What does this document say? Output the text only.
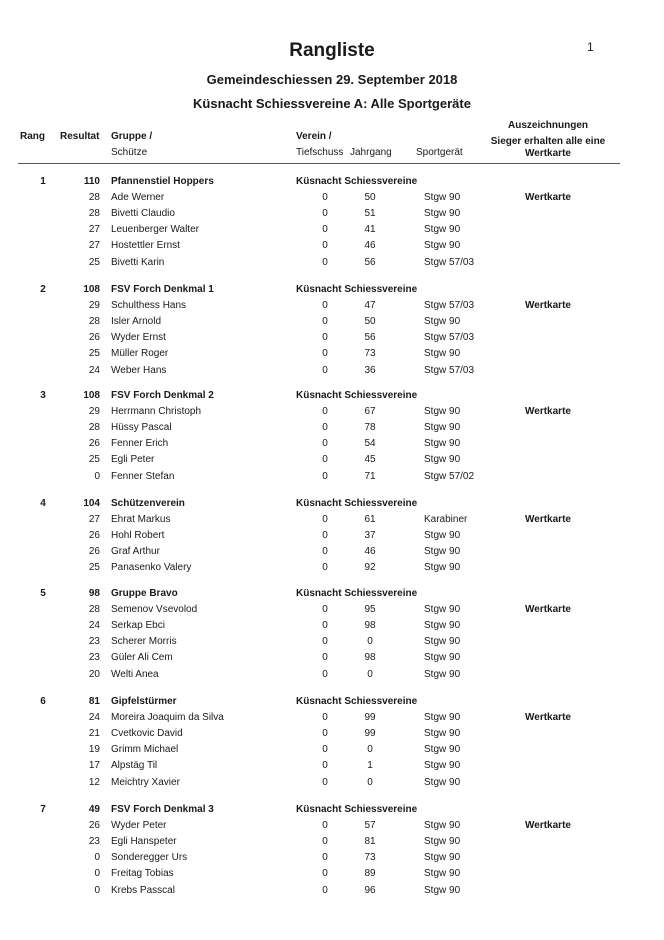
Rangliste	1
Gemeindeschiessen 29. September 2018
Küsnacht Schiessvereine A: Alle Sportgeräte
Rang Resultat Gruppe /
Schütze
Verein /
Tiefschuss Jahrgang Sportgerät
Auszeichnungen
Sieger erhalten alle eine
Wertkarte
1	110 Pfannenstiel Hoppers	Küsnacht Schiessvereine
28 Ade Werner	0	50	Stgw 90	Wertkarte
28 Bivetti Claudio	0	51	Stgw 90
27 Leuenberger Walter	0	41	Stgw 90
27 Hostettler Ernst	0	46	Stgw 90
25 Bivetti Karin	0	56	Stgw 57/03
2	108 FSV Forch Denkmal 1	Küsnacht Schiessvereine
29 Schulthess Hans	0	47	Stgw 57/03	Wertkarte
28 Isler Arnold	0	50	Stgw 90
26 Wyder Ernst	0	56	Stgw 57/03
25 Müller Roger	0	73	Stgw 90
24 Weber Hans	0	36	Stgw 57/03
3	108 FSV Forch Denkmal 2	Küsnacht Schiessvereine
29 Herrmann Christoph	0	67	Stgw 90	Wertkarte
28 Hüssy Pascal	0	78	Stgw 90
26 Fenner Erich	0	54	Stgw 90
25 Egli Peter	0	45	Stgw 90
0 Fenner Stefan	0	71	Stgw 57/02
4	104 Schützenverein	Küsnacht Schiessvereine
27 Ehrat Markus	0	61	Karabiner	Wertkarte
26 Hohl Robert	0	37	Stgw 90
26 Graf Arthur	0	46	Stgw 90
25 Panasenko Valery	0	92	Stgw 90
5	98 Gruppe Bravo	Küsnacht Schiessvereine
28 Semenov Vsevolod	0	95	Stgw 90	Wertkarte
24 Serkap Ebci	0	98	Stgw 90
23 Scherer Morris	0	0	Stgw 90
23 Güler Ali Cem	0	98	Stgw 90
20 Welti Anea	0	0	Stgw 90
6	81 Gipfelstürmer	Küsnacht Schiessvereine
24 Moreira Joaquim da Silva	0	99	Stgw 90	Wertkarte
21 Cvetkovic David	0	99	Stgw 90
19 Grimm Michael	0	0	Stgw 90
17 Alpstäg Til	0	1	Stgw 90
12 Meichtry Xavier	0	0	Stgw 90
7	49 FSV Forch Denkmal 3	Küsnacht Schiessvereine
26 Wyder Peter	0	57	Stgw 90	Wertkarte
23 Egli Hanspeter	0	81	Stgw 90
0 Sonderegger Urs	0	73	Stgw 90
0 Freitag Tobias	0	89	Stgw 90
0 Krebs Passcal	0	96	Stgw 90
